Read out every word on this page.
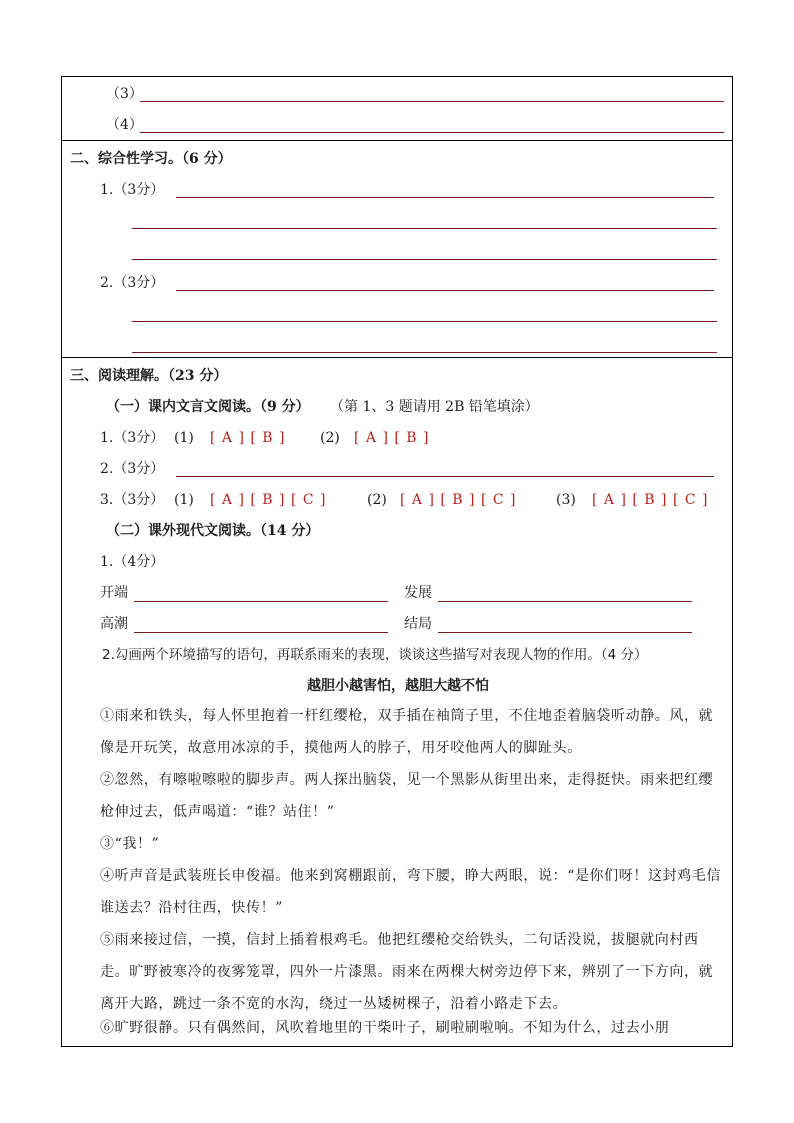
（3）
（4）
二、综合性学习。（6 分）
1.（3分）
2.（3分）
三、阅读理解。（23 分）
（一）课内文言文阅读。（9 分） （第 1、3 题请用 2B 铅笔填涂）
1.（3分） (1) [ A ] [ B ] (2) [ A ] [ B ]
2.（3分）
3.（3分） (1) [ A ] [ B ] [ C ]	(2) [ A ] [ B ] [ C ]	(3) [ A ] [ B ] [ C ]
（二）课外现代文阅读。（14 分）
1.（4分）
开端	发展
高潮	结局
2.勾画两个环境描写的语句，再联系雨来的表现，谈谈这些描写对表现人物的作用。（4 分）
越胆小越害怕，越胆大越不怕
①雨来和铁头，每人怀里抱着一杆红缨枪，双手插在袖筒子里，不住地歪着脑袋听动静。风，就像是开玩笑，故意用冰凉的手，摸他两人的脖子，用牙咬他两人的脚趾头。
②忽然，有嚓啦嚓啦的脚步声。两人探出脑袋，见一个黑影从街里出来，走得挺快。雨来把红缨枪伸过去，低声喝道：“谁？站住！”
③“我！”
④听声音是武装班长申俊福。他来到窝棚跟前，弯下腰，睁大两眼，说：“是你们呀！这封鸡毛信谁送去？沿村往西，快传！”
⑤雨来接过信，一摸，信封上插着根鸡毛。他把红缨枪交给铁头，二句话没说，拔腿就向村西走。旷野被寒冷的夜雾笼罩，四外一片漆黑。雨来在两棵大树旁边停下来，辨别了一下方向，就离开大路，跳过一条不宽的水沟，绕过一丛矮树棵子，沿着小路走下去。
⑥旷野很静。只有偶然间，风吹着地里的干柴叶子，刷啦刷啦响。不知为什么，过去小朋
